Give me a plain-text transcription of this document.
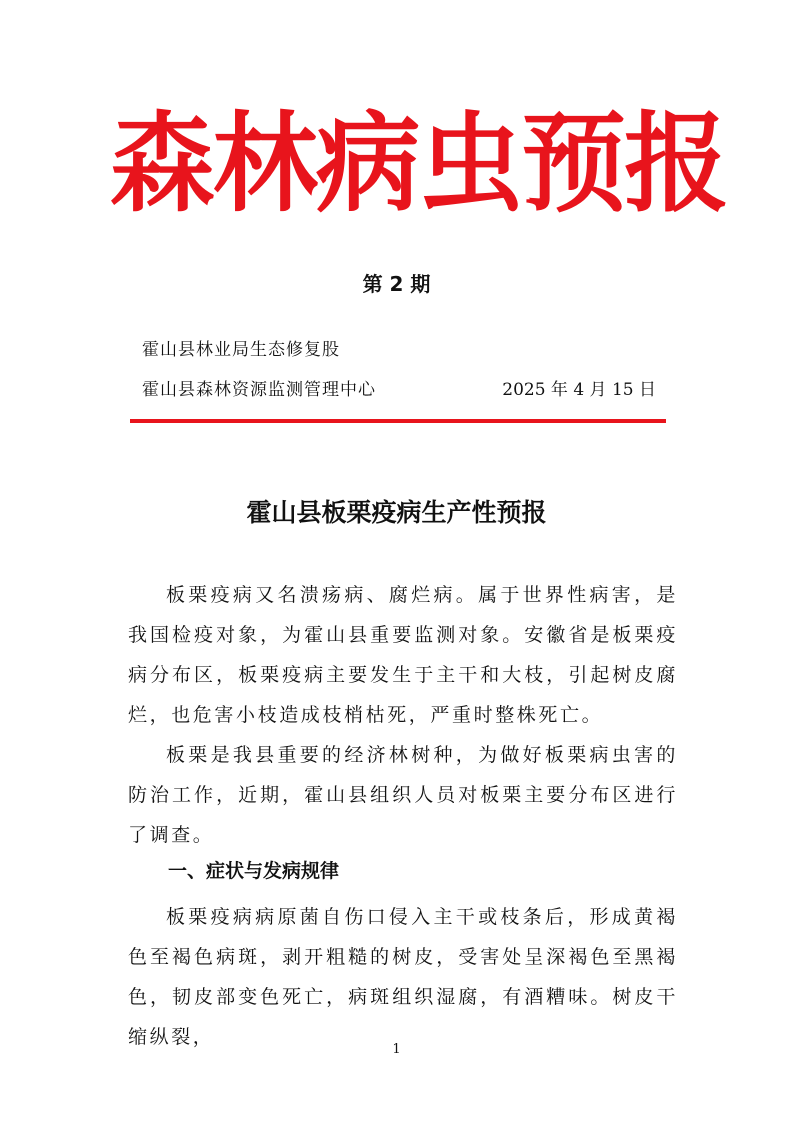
森林病虫预报
第 2 期
霍山县林业局生态修复股
霍山县森林资源监测管理中心	2025 年 4 月 15 日
霍山县板栗疫病生产性预报

板栗疫病又名溃疡病、腐烂病。属于世界性病害，是我国检疫对象，为霍山县重要监测对象。安徽省是板栗疫病分布区，板栗疫病主要发生于主干和大枝，引起树皮腐烂，也危害小枝造成枝梢枯死，严重时整株死亡。

板栗是我县重要的经济林树种，为做好板栗病虫害的防治工作，近期，霍山县组织人员对板栗主要分布区进行了调查。

一、症状与发病规律

板栗疫病病原菌自伤口侵入主干或枝条后，形成黄褐色至褐色病斑，剥开粗糙的树皮，受害处呈深褐色至黑褐色，韧皮部变色死亡，病斑组织湿腐，有酒糟味。树皮干缩纵裂，

1
